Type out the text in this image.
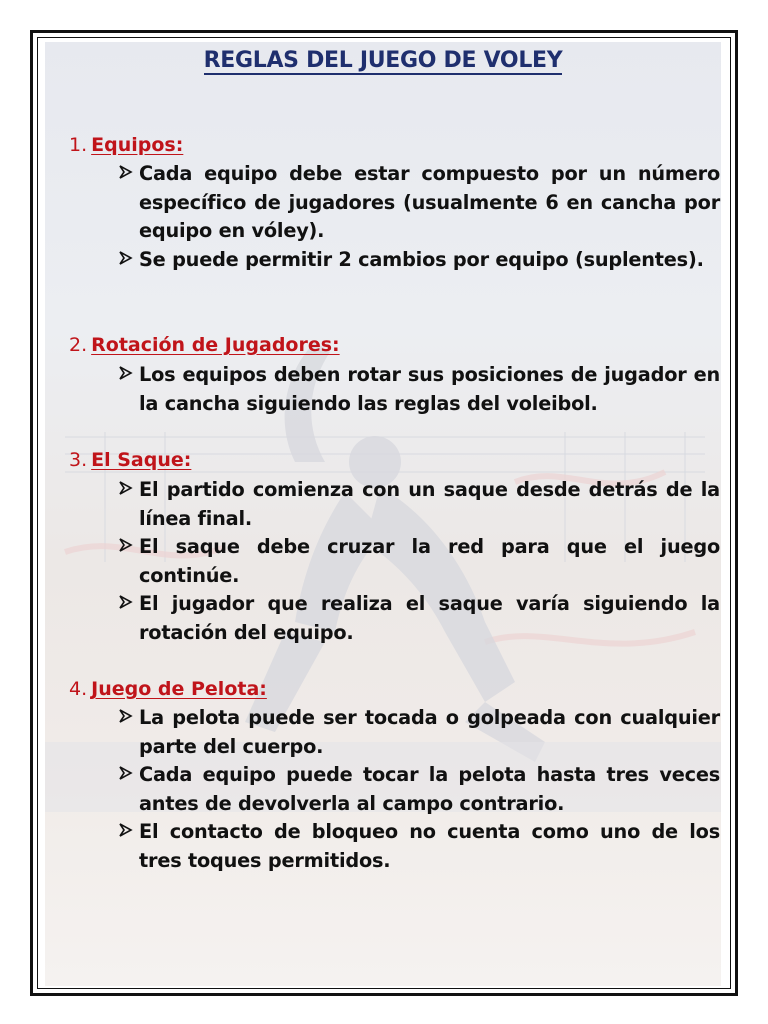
REGLAS DEL JUEGO DE VOLEY
1. Equipos:
Cada equipo debe estar compuesto por un número específico de jugadores (usualmente 6 en cancha por equipo en vóley).
Se puede permitir 2 cambios por equipo (suplentes).
2. Rotación de Jugadores:
Los equipos deben rotar sus posiciones de jugador en la cancha siguiendo las reglas del voleibol.
3. El Saque:
El partido comienza con un saque desde detrás de la línea final.
El saque debe cruzar la red para que el juego continúe.
El jugador que realiza el saque varía siguiendo la rotación del equipo.
4. Juego de Pelota:
La pelota puede ser tocada o golpeada con cualquier parte del cuerpo.
Cada equipo puede tocar la pelota hasta tres veces antes de devolverla al campo contrario.
El contacto de bloqueo no cuenta como uno de los tres toques permitidos.
